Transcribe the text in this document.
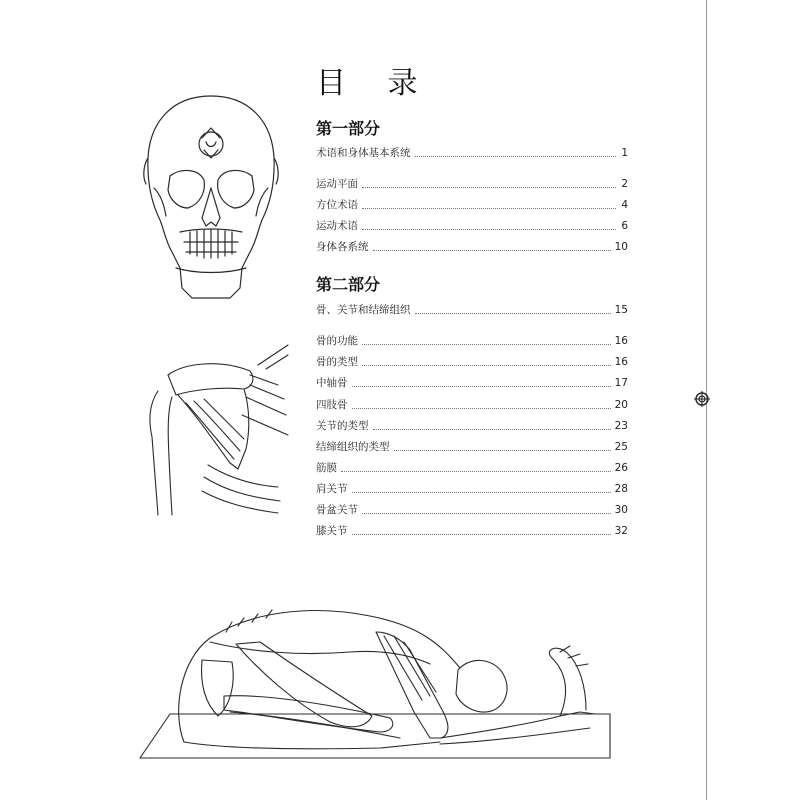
目 录
第一部分
术语和身体基本系统	1
运动平面	2
方位术语	4
运动术语	6
身体各系统	10
第二部分
骨、关节和结缔组织	15
骨的功能	16
骨的类型	16
中轴骨	17
四肢骨	20
关节的类型	23
结缔组织的类型	25
筋膜	26
肩关节	28
骨盆关节	30
膝关节	32
